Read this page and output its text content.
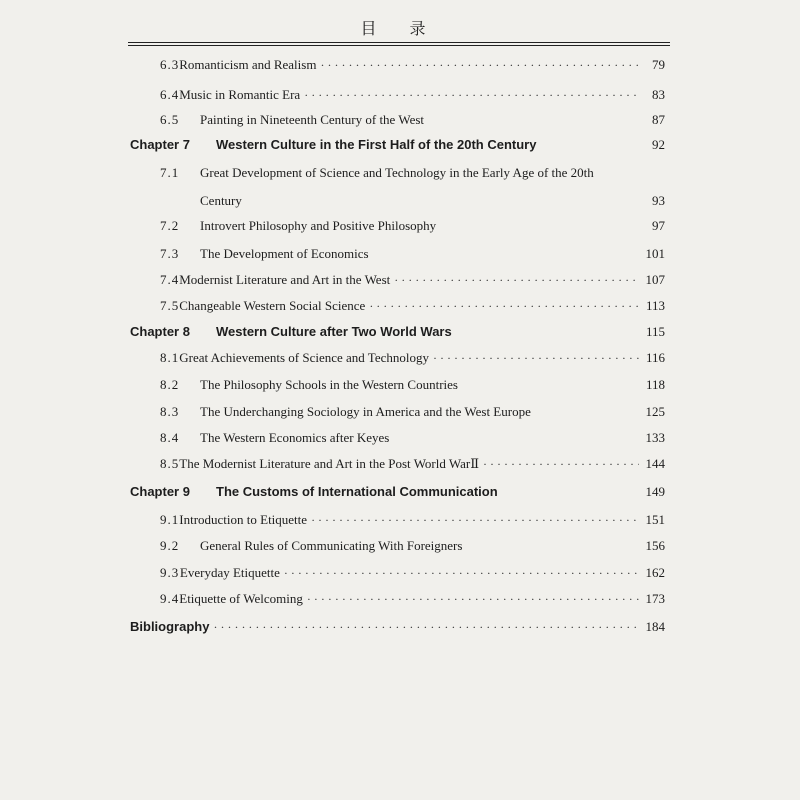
目 录
6.3 Romanticism and Realism ·····	79
6.4 Music in Romantic Era ·····	83
6.5	Painting in Nineteenth Century of the West	87
Chapter 7	Western Culture in the First Half of the 20th Century	92
7.1	Great Development of Science and Technology in the Early Age of the 20th
Century	93
7.2	Introvert Philosophy and Positive Philosophy	97
7.3	The Development of Economics	101
7.4 Modernist Literature and Art in the West ·····	107
7.5 Changeable Western Social Science ·····	113
Chapter 8	Western Culture after Two World Wars	115
8.1 Great Achievements of Science and Technology ·····	116
8.2	The Philosophy Schools in the Western Countries	118
8.3	The Underchanging Sociology in America and the West Europe	125
8.4	The Western Economics after Keyes	133
8.5 The Modernist Literature and Art in the Post World WarⅡ ·····	144
Chapter 9	The Customs of International Communication	149
9.1 Introduction to Etiquette ·····	151
9.2	General Rules of Communicating With Foreigners	156
9.3 Everyday Etiquette ·····	162
9.4 Etiquette of Welcoming ·····	173
Bibliography ·····	184
